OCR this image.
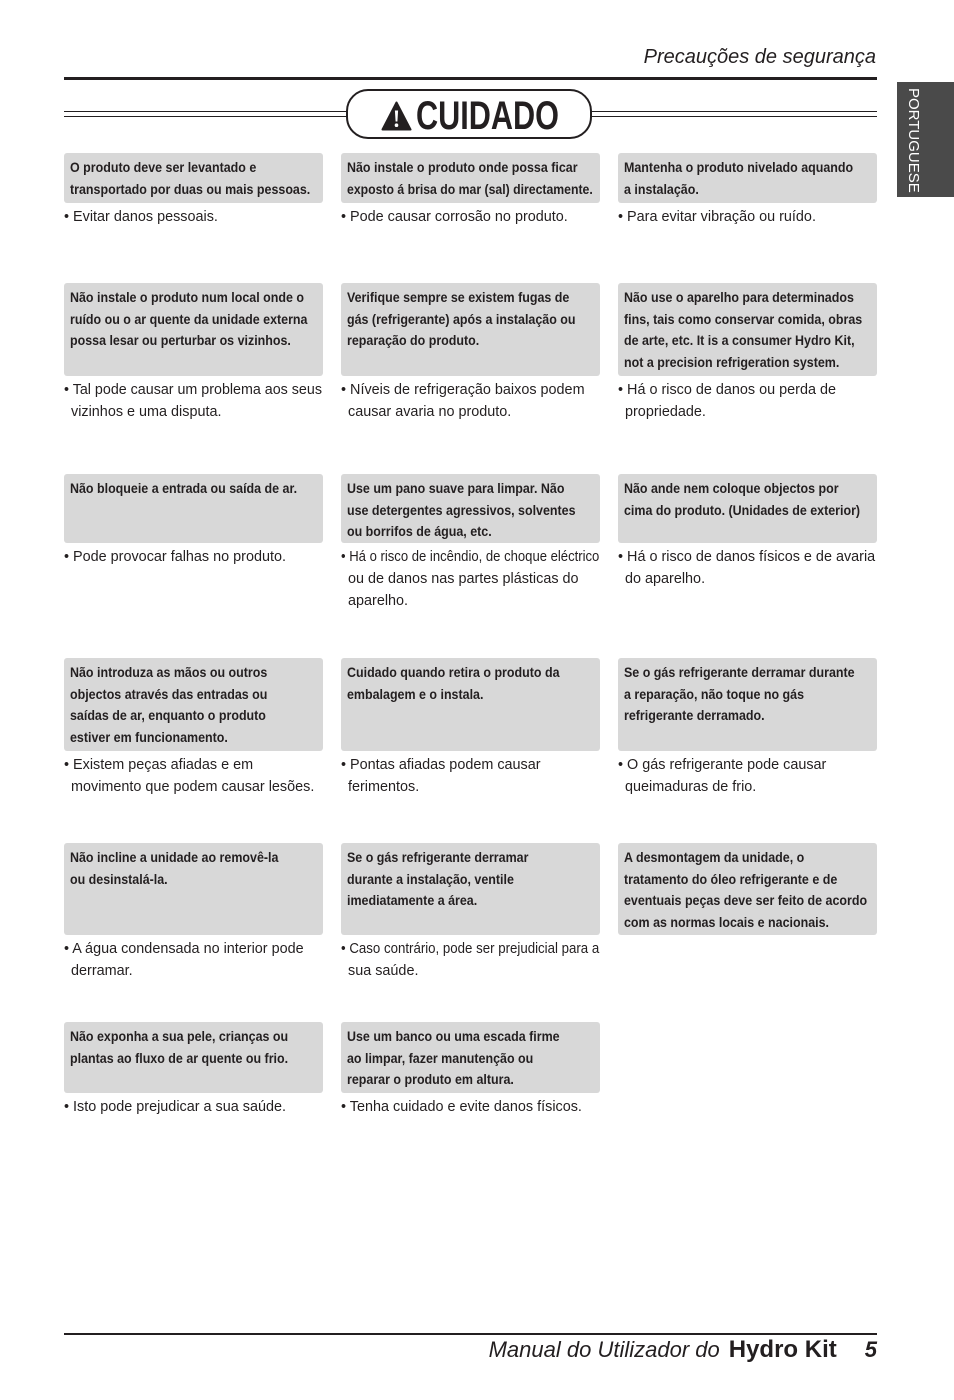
Precauções de segurança
PORTUGUESE
CUIDADO
O produto deve ser levantado e
transportado por duas ou mais pessoas.
• Evitar danos pessoais.
Não instale o produto onde possa ficar
exposto á brisa do mar (sal) directamente.
• Pode causar corrosão no produto.
Mantenha o produto nivelado aquando
a instalação.
• Para evitar vibração ou ruído.
Não instale o produto num local onde o
ruído ou o ar quente da unidade externa
possa lesar ou perturbar os vizinhos.
• Tal pode causar um problema aos seus
vizinhos e uma disputa.
Verifique sempre se existem fugas de
gás (refrigerante) após a instalação ou
reparação do produto.
• Níveis de refrigeração baixos podem
causar avaria no produto.
Não use o aparelho para determinados
fins, tais como conservar comida, obras
de arte, etc. It is a consumer Hydro Kit,
not a precision refrigeration system.
• Há o risco de danos ou perda de
propriedade.
Não bloqueie a entrada ou saída de ar.
• Pode provocar falhas no produto.
Use um pano suave para limpar. Não
use detergentes agressivos, solventes
ou borrifos de água, etc.
• Há o risco de incêndio, de choque eléctrico
ou de danos nas partes plásticas do
aparelho.
Não ande nem coloque objectos por
cima do produto. (Unidades de exterior)
• Há o risco de danos físicos e de avaria
do aparelho.
Não introduza as mãos ou outros
objectos através das entradas ou
saídas de ar, enquanto o produto
estiver em funcionamento.
• Existem peças afiadas e em
movimento que podem causar lesões.
Cuidado quando retira o produto da
embalagem e o instala.
• Pontas afiadas podem causar
ferimentos.
Se o gás refrigerante derramar durante
a reparação, não toque no gás
refrigerante derramado.
• O gás refrigerante pode causar
queimaduras de frio.
Não incline a unidade ao removê-la
ou desinstalá-la.
• A água condensada no interior pode
derramar.
Se o gás refrigerante derramar
durante a instalação, ventile
imediatamente a área.
• Caso contrário, pode ser prejudicial para a
sua saúde.
A desmontagem da unidade, o
tratamento do óleo refrigerante e de
eventuais peças deve ser feito de acordo
com as normas locais e nacionais.
Não exponha a sua pele, crianças ou
plantas ao fluxo de ar quente ou frio.
• Isto pode prejudicar a sua saúde.
Use um banco ou uma escada firme
ao limpar, fazer manutenção ou
reparar o produto em altura.
• Tenha cuidado e evite danos físicos.
Manual do Utilizador do Hydro Kit 5
